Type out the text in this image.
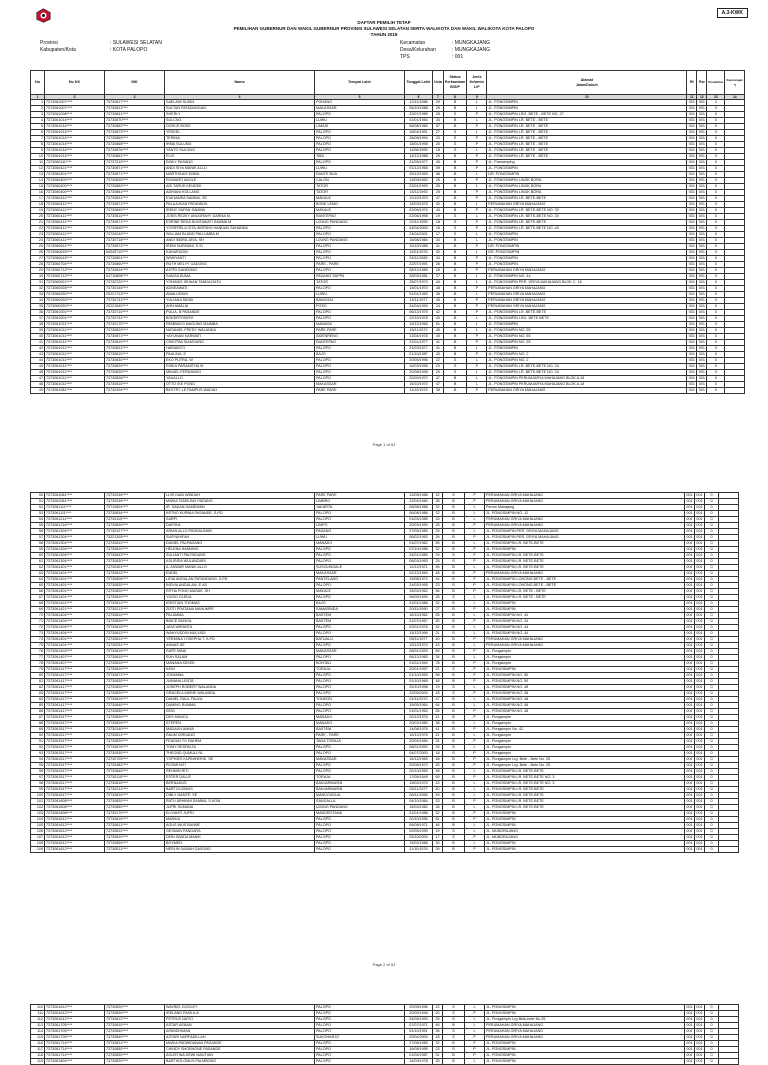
A.3-KWK
DAFTAR PEMILIH TETAP
PEMILIHAN GUBERNUR DAN WAKIL GUBERNUR PROVINSI SULAWESI SELATAN SERTA WALIKOTA DAN WAKIL WALIKOTA KOTA PALOPO
TAHUN 2018
Provinsi	: SULAWESI SELATAN
Kabupaten/Kota	: KOTA PALOPO
Kecamatan	: MUNGKAJANG
Desa/Kelurahan	: MUNGKAJANG
TPS	: 001
No	No KK	NIK	Nama	Tempat Lahir	Tanggal Lahir	Usia	Status Perkawinan B/S/P	Jenis Kelamin L/P	Alamat
Jalan/Dukuh	Rt	Rw	Disabilitas	Keterangan *)
1	2	3	4	5	6	7	8	9	10	11	12	13	14
1	7373061007****	73730817****	SAELANI SUDIN	POHANG	12/11/1988	29	B	L	JL. PONGSIMPIN	001	001	0	
2	7373061007****	73730811****	SULTAN PATADUNGAN	MAKASSAR	06/10/1988	29	B	L	JL. PONGSIMPIN	001	001	0	
3	7373061008****	73730841****	SHERLY	PALOPO	20/07/1989	28	S	P	JL. PONGSIMPIN LRG. BETE - BETE NO. 27	001	001	0	
4	7373061014****	73730870****	SULCNG	LUWU	01/01/1984	34	B	L	JL. PONGSIMPIN LR. BETE - BETE	001	001	0	
5	7373061014****	73730862****	DORCE BOKE	LIMASI	06/08/1960	57	B	P	JL. PONGSIMPIN LR. BETE - BETE	001	001	0	
6	7373061014****	73730873****	YESKEL	PALOPO	16/04/1991	27	S	L	JL. PONGSIMPIN LR. BETE - BETE	001	001	0	
7	7373061014****	73730869****	TERIMA	PALOPO	28/08/1994	23	S	P	JL. PONGSIMPIN LR. BETE - BETE	001	001	0	
8	7373061014****	73730865****	IRMA SULUNG	PALOPO	15/01/1998	20	S	P	JL. PONGSIMPIN LR. BETE - BETE	001	001	0	
9	7373061014****	73730876****	YANTO SULONG	PALOPO	11/06/1999	18	S	L	JL. PONGSIMPIN LR. BETE - BETE	001	001	0	
10	7373061014****	73730861****	ELIS	TABI	14/12/1988	29	B	P	JL. PONGSIMPIN LR. BETE - BETE	001	001	0	
11	7373060111****	73737210****	EMILY PASANG	PALOPO	21/05/1977	40	B	P	JL. Pamsimping	001	001	0	
12	7373060421****	73730871****	ANDI SIYA MANIK ALLO	LUWU	01/12/1958	59	B	P	JL. PONGSIMPIN	001	001	0	
13	7373060401****	73730871****	MARTHINUS EMBA	RANTE BUA	15/12/1959	58	B	L	DR. PONGSIMPIN	001	001	0	
14	7373060400****	73730830****	ROMANTI ANGLE	CALON	13/09/1992	25	B	P	JL. PONGSIMPIN LINGK BORA	001	001	0	
15	7373060400****	73730850****	ADI TARUK KENDEK	TATOR	23/01/1993	25	B	L	JL. PONGSIMPIN LINGK BORA	001	001	0	
16	7373060400****	73730881****	ADRIANI KOLLANG	TATOR	15/11/1992	25	B	P	JL. PONGSIMPIN LINGK BORA	001	001	0	
17	7373060411****	73730831****	EVA MARIA SAMMA, SE	MAKALE	12/10/1970	47	B	P	JL. PONGSIMPIN LR. BETE-BETE	001	001	0	
18	7373060411****	73730871****	PALAJUKAN PATANDUK	BONE LEMO	14/03/1976	42	B	L	PERUMAHAN GRIYA MAHAJANG	001	001	0	
19	7373060411****	73730840****	IRENY SAPAN SAMMA	MAKALE	02/06/1974	44	B	P	JL. PONGSIMPIN LR. BETE-BETE NO. 30	001	001	0	
20	7373060411****	73730810****	JOSIS REZKY ANUGRAHY DARMA M.	RANTEPAO	22/06/1998	19	S	L	JL. PONGSIMPIN LR. BETE-BETE NO. 30	001	001	0	
21	7373060411****	73730871****	ESRINE REKA NUNTAWATI SAMMA M	UJUNG PANDANG	22/11/1999	18	S	P	JL. PONGSIMPIN LR. BETE-BETE	001	001	0	
22	7373060411****	73730840****	YOSIFRELA GITA INGRIHO HANDAN SAHANDA	PALOPO	04/04/2000	18	S	P	JL. PONGSIMPIN LR. BETE-BETE NO. 40	001	001	0	
23	7373060411****	73730240****	WILLIAM BLAND PALLUMBA M	PALOPO	24/04/2001	17	S	L	JL. PONGSIMPIN	001	001	0	
24	7373060411****	73730718****	ANDI INDRA JAYA, SH	UJUNG PANDANG	15/08/1984	34	B	L	JL. PONGSIMPIN	001	001	0	
25	7373060611****	73730871****	IRENI NURHANI, S.Si	PALOPO	10/10/1986	31	B	P	DR. PONGSIMPIN	001	001	0	
26	7373060615****	64045710****	KAHARUDIN	PALOPO	11/01/1976	42	B	L	DR. PONGSIMPIN	001	001	0	
27	7373060615****	73730801****	WIWIYANTI	PALOPO	26/11/1983	34	B	P	JL. PONGSIMPIN	001	001	0	
28	7373060704****	73730860****	RUTH MELYY GADONG	PARE - PARE	22/07/1991	26	B	P	JL. PONGSIMPIN	001	001	0	
29	7373060712****	73730814****	ASTRI GANDONG	PALOPO	28/12/1989	28	B	P	PERUMAHAN GRIYA MAHAJANG	001	001	0	
30	7373060712****	63710808****	SANGA DUMA	PADANG SAPPA	28/03/1981	37	B	L	JL. PONGSIMPIN NO. 44	001	001	0	
31	7373060921****	73730720****	YOHANIS ISHAAN TANDA DATU	TATOR	25/07/1973	44	B	L	JL. PONGSIMPIN PER. GRIYA MAHAJANG BLOK C. 16	001	001	0	
32	7373060928****	73730145****	ADNEAWATI	PALOPO	15/01/1970	48	B	P	PERUMAHAN GRIYA MAHAJANG	001	001	0	
33	7373060930****	20221713****	AWALUDDIN	LUWU	01/01/1983	35	B	L	PERUMAHAN GRIYA MAHAJANG	001	001	0	
34	7373060930****	73730741****	YULIANA SIDIKI	BANGGAI	14/11/1977	40	B	P	PERUMAHAN GRIYA MAHAJANG	001	001	0	
35	7373060930****	20221840****	AHN AMALIA	POSO	24/04/1994	24	B	P	PERUMAHAN GRIYA MAHAJANG	001	001	0	
36	7373061001****	73730710****	PULIA, B PASANDE	PALOPO	06/12/1975	42	B	P	JL. PONGSIMPIN LR. BETE-BETE	001	001	0	
37	7373061001****	73730731****	BOKERTOSIRYI	PALOPO	12/10/1978	40	B	L	JL. PONGSIMPIN LRG. BETE-BETE	001	001	0	
38	7373061021****	73730170****	REMBUKO MAGUNG MAIMBA	MAMASA	15/12/1966	51	B	L	JL. PONGSIMPIN	001	001	0	
39	7373061011****	73730820****	NATANIEL FREDY WALANDA	PARE-PARE	15/11/1972	45	B	L	JL. PONGSIMPIN NO. 55	001	001	0	
40	7373061011****	73730871****	YAYUMAN KARWATI	SIDENRENG	13/04/1978	40	B	P	JL. PONGSIMPIN NO. 55	001	001	0	
41	7373061011****	73730810****	CHIKITBA SIAMOUNG	RANTEPAO	21/01/1977	41	B	P	JL. PONGSIMPIN NO. 55	001	001	0	
42	7373061011****	73730831****	HARIANTO	PALOPO	21/03/1977	41	B	L	JL. PONGSIMPIN	001	001	0	
43	7373061011****	73730810****	PAULINA. E	BAJO	21/10/1987	30	B	P	JL. PONGSIMPIN NO. 2	001	001	0	
44	7373061011****	73730830****	EKO PUTRA. W	PALOPO	20/05/1996	22	S	L	JL. PONGSIMPIN NO. 2	001	001	0	
45	7373061011****	73730820****	RISKA PARAMITHA W	PALOPO	16/03/1995	23	S	P	JL. PONGSIMPIN LR. BETE-BETE NO. 34	001	001	0	
46	7373061011****	73730820****	MIKAEL FERNANDO	PALOPO	20/08/1998	20	S	L	JL. PONGSIMPIN LR. BETE-BETE NO. 34	001	001	0	
47	7373061011****	73730826****	YAUALLO	PALOPO	20/09/1970	47	B	L	JL. PONGSIMPIN PERUMJARYA MAHAJANG BLOK A.18	001	001	0	
48	7373061011****	73730510****	OTTO IKE PONG	MAKASSAR	15/10/1970	47	B	L	JL. PONGSIMPIN PERUMJARYA MAHAJANG BLOK A.18	001	001	0	
49	7373061081****	73730204****	BESTRY LE PAMPUS WADAH	PARE PARE	11/10/1979	38	B	P	PERUMAHAN GRIYA MAHAJANG	001	001	0	
Page 1 of 51
50	7373061081****	73730246****	LUIS DIAN WINDAH	PARE PARE	13/05/1986	32	S	P	PERUMAHAN GRIYA MAHAJANG	001	001	0	
51	7373061081****	73730246****	MARIA TANDUNG PADANG	LIMBRO	12/04/1980	38	B	P	PERUMAHAN GRIYA MAHAJANG	001	001	0	
52	7373061111****	73710604****	IR. SADAN DAMEWAN	JAKARTA	06/08/1986	32	B	L	Perum Manajang	001	001	0	
53	7373061111****	73730834****	KETNO KURNIA PASANDE, S.PD	PALOPO	06/08/1986	32	B	L	JL. PONGSIMPIN NO. 12	001	001	0	
54	7373061211****	73730110****	SARPI	PALOPO	01/03/1985	33	B	L	PERUMAHAN GRIYA MAHAJANG	001	001	0	
55	7373061216****	73730830****	DAR'IKA	LIMPO	20/03/1990	28	B	P	PERUMAHAN GRIYA MAHAJANG	001	001	0	
56	7373061304****	73730127****	ARIAN ALLO PANDALINAN	PADANG	27/05/1989	29	B	L	JL. PONGSIMPIN PER. GRIYA MAHAJANG	001	001	0	
57	7373061304****	73221305****	SURYAHIFAH	LUWU	06/02/1992	26	B	P	JL. PONGSIMPIN PER. GRIYA MAHAJANG	001	001	0	
58	7373061304****	73730812****	DANIEL PALPADANG	MANADO	01/07/1962	55	B	L	JL. PONGSIMPIN LR. BETE-BETE	001	001	0	
59	7373061304****	73730810****	HELENA HANNING	PALOPO	07/10/1985	32	B	P	JL. PONGSIMPIN	001	001	0	
60	7373061304****	73730843****	SULIANTI PALPADANG	PALOPO	04/01/1989	29	S	P	JL. PONGSIMPIN LR. BETE-BETE	001	001	0	
61	7373061304****	73730830****	ASLIRIDA WULANDARI	PALOPO	06/03/1993	25	S	P	JL. PONGSIMPIN LR. BETE-BETE	001	001	0	
62	7373061401****	73730401****	A. ANWAR MANIK ALLO	SUSOLINGALE	12/12/1971	46	B	L	JL. PONGSIMPIN LR. BETE-BETE	001	001	0	
63	7373061401****	73730812****	ENDEL	MAKASSAR	02/12/1969	48	B	P	PERUMAHAN GRIYA MAHAJANG	001	001	0	
64	7373061401****	73730806****	LIDIA ANDULAN PATANDUNG. S.PD	PANTELANG	19/08/1973	44	B	P	JL. PONGSIMPIN LOHONG BETE - BETE	001	001	0	
65	7373061401****	73730830****	INDVIA ANDULAN. E.AS	PALOPO	24/03/1995	23	S	P	JL. PONGSIMPIN LOHONG BETE - BETE	001	001	0	
66	7373061401****	73730820****	RITHA PONO MASAK. SH	MAKALE	15/02/1962	56	B	P	JL. PONGSIMPIN LR. BETE - BETE	001	001	0	
67	7373061401****	73730810****	YUGIO OLEDA	PALOPO	06/05/1993	25	S	L	JL. PONGSIMPIN LR. BETE - BETE	001	001	0	
68	7373061421****	73730811****	KRISTIAN THOMAS	BAJO	01/01/1986	32	B	L	JL. PONGSIMPIN	001	001	0	
69	7373061421****	73730211****	ZIZITI PRATAMA MAHUMPE	SAMARINDA	20/11/1990	27	B	P	JL. PONGSIMPIN	001	001	0	
70	7373061404****	73730810****	PALAMMA	BASTEM	16/10/1962	55	B	L	JL. PONGSIMPIN NO. 44	001	001	0	
71	7373061404****	73730830****	BINCE BUNGA	BASTEM	01/07/1967	50	B	P	JL. PONGSIMPIN NO. 44	001	001	0	
72	7373061404****	73730810****	JAYA WIRANTA	PALOPO	02/01/1976	42	B	L	JL. PONGSIMPIN NO. 44	001	001	0	
73	7373061404****	73730812****	WAHYUDDIN MULYADI	PALOPO	15/12/1996	21	S	L	JL. PONGSIMPIN NO. 44	001	001	0	
74	7373061401****	73730811****	YERMINA YOSEPHA T. S.PD	BATUALU	05/11/1977	40	B	P	PERUMAHAN GRIYA MAHAJANG	001	001	0	
75	7373061401****	73730251****	ANNAS SE	PALOPO	15/12/1974	43	B	L	PERUMAHAN GRIYA MAHAJANG	001	001	0	
76	7373061402****	73730810****	RAFE MINA	MAKASSAR	06/01/1929	89	B	P	JL. Pongsimpin	001	001	0	
77	7373061407****	73730810****	SUH SALAM	PALOPO	06/12/1983	34	B	L	JL. Pongsimpin	001	001	0	
78	7373061407****	73730810****	MANANA KEKEK	BONTAU	01/01/1940	78	B	P	JL. Pongsimpin	001	001	0	
79	7373061417****	73730810****	KENI	TORAJA	20/01/1997	21	S	P	JL. PONGSIMPIN	001	001	0	
80	7373061417****	73730871****	JOHANNA	PALOPO	01/10/1959	58	B	P	JL. PONGSIMPIN NO. 50	001	001	0	
81	7373061417****	73730830****	JUMANA LENTA	PALOPO	01/10/1969	48	B	P	JL. PONGSIMPIN NO. 50	001	001	0	
82	7373061417****	73730820****	JOSEPH ROBERT WALANDA	PALOPO	20/10/1998	19	S	L	JL. PONGSIMPIN NO. 48	001	001	0	
83	7373061417****	73730820****	GRACELA MARIE WALANDA	PALOPO	22/05/2000	18	S	P	JL. PONGSIMPIN NO. 48	001	001	0	
84	7373061417****	73730810****	DANIEL RAUL FALKA	TONDON	01/11/1970	47	B	L	JL. PONGSIMPIN NO. 48	001	001	0	
85	7373061417****	73730840****	DAMING RUMMA	PALOPO	15/05/1954	64	B	L	JL. PONGSIMPIN NO. 48	001	001	0	
86	7373061417****	73730830****	SENI	PALOPO	01/01/1963	55	B	P	JL. PONGSIMPIN NO. 48	001	001	0	
87	7373061517****	73730830****	DES MANCU	MANADO	20/12/1976	41	B	P	JL. Pongsimpin	001	001	0	
88	7373061517****	73730820****	STEPEN	MANADO	20/02/1980	38	B	L	JL. Pongsimpin	001	001	0	
89	7373061517****	73730140****	MADAUN AMMA	BASTEM	14/08/1976	41	B	P	JL. Pongsimpin No. 42	001	001	0	
90	7373061517****	73730811****	RAUM DIRDANG	PARE - PARE	15/12/1976	41	B	L	JL. Pongsimpin	001	001	0	
91	7373061517****	73730820****	FEADAN TO RAHEM	TANA TORAJA	20/04/1984	34	B	P	JL. Pongsimpin	001	001	0	
92	7373061517****	73730876****	TOMY HESPALTA	PALOPO	06/01/1992	26	S	L	JL. Pongsimpin	001	001	0	
93	7373061517****	73730530****	THEOND QUMULLYA	PALOPO	04/07/2000	18	S	P	JL. Pongsimpin	001	001	0	
94	7373061517****	73730725****	YOPHIES KURNIHERIE, SE	MAKASSAR	16/12/1969	48	B	P	JL. Pongsimpin Lrg. Bete - Bete No. 25	001	001	0	
95	7373061517****	73730482****	ROSMIYATI	PALOPO	02/08/1972	45	B	P	JL. Pongsimpin Lrg. Bete - Bete No. 25	001	001	0	
96	7373061517****	73730840****	REHMIN RITI	PALOPO	20/10/1969	48	B	L	JL. PONGSIMPIN LR. BETE-BETE	001	001	0	
97	7373061517****	73730110****	ESTER DALLE	TORAJA	17/05/1949	69	B	P	JL. PONGSIMPIN LR. BETE-BETE NO. 3	001	001	0	
98	7373061517****	73730810****	BERNADUS	BANJARMASIN	19/02/1975	43	B	L	JL. PONGSIMPIN LR. BETE-BETE NO. 3	001	001	0	
99	7373061517****	73730211****	BARTOLOMIUS	BANJARMASIN	26/11/1977	40	B	L	JL. PONGSIMPIN LR. BETE-BETE	001	001	0	
100	7373061517****	73730810****	DIBLY MANTE. SE	MANDOUDUA	06/11/1968	49	B	L	JL. PONGSIMPIN LR. BETE-BETE	001	001	0	
101	7373061608****	73730830****	RATU ARHINNI SAMMA. S.KOM	SANGALLA	04/10/1984	33	B	P	JL. PONGSIMPIN LR. BETE-BETE	001	001	0	
102	7373061608****	73730850****	JUFRI SUMANA	UJUNG PANDANG	15/03/1982	36	B	L	JL. PONGSIMPIN LR. BETE-BETE	001	001	0	
103	7373061608****	73730170****	ELIYANTI JUFRI	MANDROTANA	01/01/1986	32	B	P	JL. PONGSIMPIN	001	001	0	
104	7373061612****	73730810****	MARIKA	PALOPO	20/10/1956	61	B	P	JL. PONGSIMPIN	001	001	0	
105	7373061612****	73730811****	AGUS INUS BANNE	PALOPO	06/08/1971	46	B	L	JL. PONGSIMPIN	001	001	0	
106	7373061612****	73730812****	GESMAN PANDARA	PALOPO	02/05/1999	19	S	L	JL. MUNDRAJANG	001	001	0	
107	7373061612****	73730810****	DEBI SANDA MANIK	PALOPO	25/10/2000	17	S	P	JL. MUNDRAJANG	001	001	0	
108	7373061612****	73730850****	BOYMEN	PALOPO	15/02/1988	30	B	L	JL. PONGSIMPIN	001	001	0	
109	7373061612****	73730511****	NERLIN SAMAH GASONG	PALOPO	11/10/1978	39	B	P	JL. PONGSIMPIN	001	001	0	
Page 2 of 51
110	7373061612****	73730820****	WAYBEL GOOLEY	PALOPO	20/05/1996	22	S	L	JL. PONGSIMPIN	001	001	0	
111	7373061612****	73730830****	IRELAND PASILILA	PALOPO	20/05/1998	20	S	P	JL. PONGSIMPIN	001	001	0	
112	7373061612****	73730812****	PETRUS NATIO	PALOPO	04/05/1993	25	S	L	JL. Pongsimpin Lrg Bete-bete No.25	001	001	0	
113	7373061705****	73730810****	ASTAR ASNAN	PALOPO	07/07/1971	46	B	L	PERUMAHAN GRIYA MAHAJANG	001	001	0	
114	7373061705****	73730840****	APANDHIMAN	PALOPO	01/10/1991	26	S	L	PERUMAHAN GRIYA MAHAJANG	001	001	0	
115	7373061705****	73730840****	ASTARI NURFADILLAH	SUKOHARJO	29/04/2000	18	S	P	PERUMAHAN GRIYA MAHAJANG	001	001	0	
116	7373061714****	73730811****	MARIA PADWIDANAN PASANDE	PALOPO	27/06/1985	32	B	P	JL. PONGSIMPIN	001	001	0	
117	7373061714****	73730850****	CHINDY SHOENGNE PASANDE	PALOPO	16/08/1995	23	S	P	JL. PONGSIMPIN	001	001	0	
118	7373061714****	73730830****	AGUSTINA DEWI MAUTIAN	PALOPO	01/04/1987	31	B	P	JL. PONGSIMPIN	001	001	0	
119	7373061804****	73730820****	BARTHOLOMUS PALMBONG	PALOPO	14/09/1978	39	B	L	JL. PONGSIMPIN	001	001	0	
